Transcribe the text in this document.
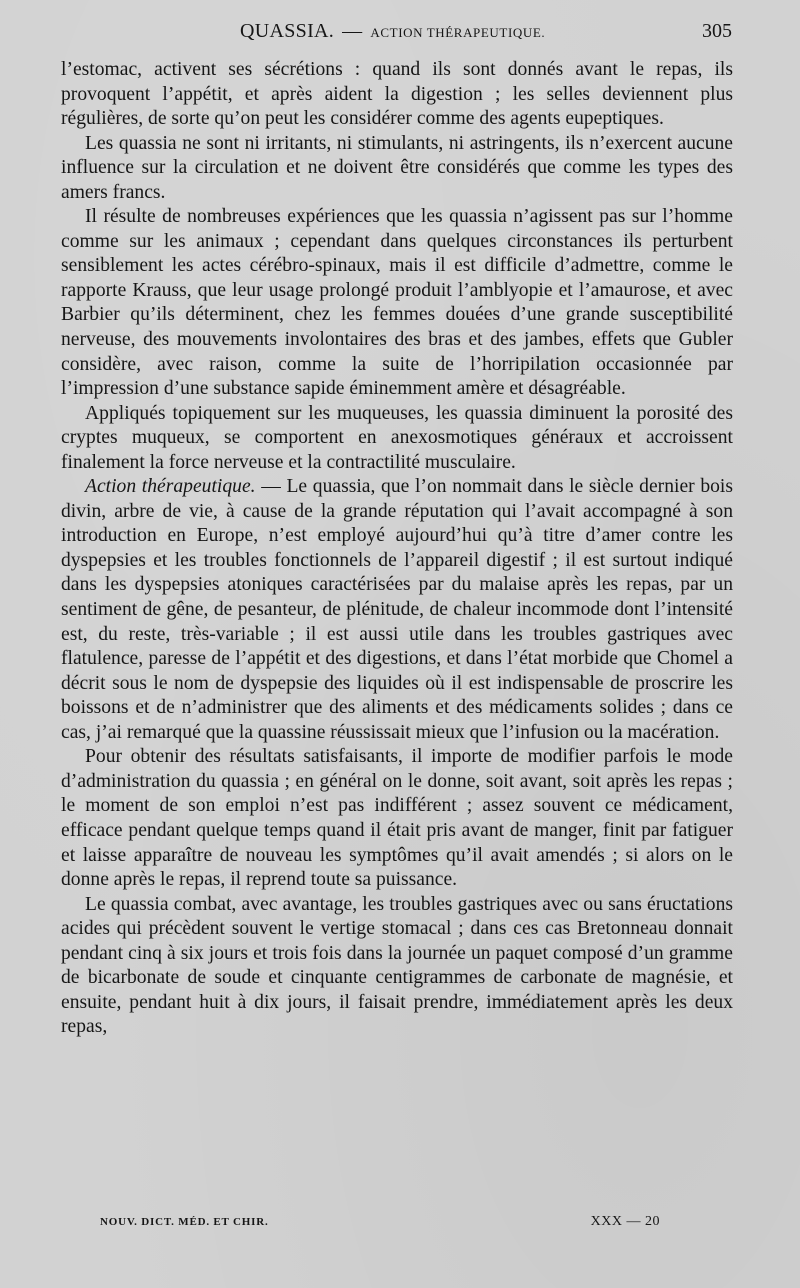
QUASSIA. — ACTION THÉRAPEUTIQUE.	305

l’estomac, activent ses sécrétions : quand ils sont donnés avant le repas, ils provoquent l’appétit, et après aident la digestion ; les selles deviennent plus régulières, de sorte qu’on peut les considérer comme des agents eupeptiques.

Les quassia ne sont ni irritants, ni stimulants, ni astringents, ils n’exercent aucune influence sur la circulation et ne doivent être considérés que comme les types des amers francs.

Il résulte de nombreuses expériences que les quassia n’agissent pas sur l’homme comme sur les animaux ; cependant dans quelques circonstances ils perturbent sensiblement les actes cérébro-spinaux, mais il est difficile d’admettre, comme le rapporte Krauss, que leur usage prolongé produit l’amblyopie et l’amaurose, et avec Barbier qu’ils déterminent, chez les femmes douées d’une grande susceptibilité nerveuse, des mouvements involontaires des bras et des jambes, effets que Gubler considère, avec raison, comme la suite de l’horripilation occasionnée par l’impression d’une substance sapide éminemment amère et désagréable.

Appliqués topiquement sur les muqueuses, les quassia diminuent la porosité des cryptes muqueux, se comportent en anexosmotiques généraux et accroissent finalement la force nerveuse et la contractilité musculaire.

Action thérapeutique. — Le quassia, que l’on nommait dans le siècle dernier bois divin, arbre de vie, à cause de la grande réputation qui l’avait accompagné à son introduction en Europe, n’est employé aujourd’hui qu’à titre d’amer contre les dyspepsies et les troubles fonctionnels de l’appareil digestif ; il est surtout indiqué dans les dyspepsies atoniques caractérisées par du malaise après les repas, par un sentiment de gêne, de pesanteur, de plénitude, de chaleur incommode dont l’intensité est, du reste, très-variable ; il est aussi utile dans les troubles gastriques avec flatulence, paresse de l’appétit et des digestions, et dans l’état morbide que Chomel a décrit sous le nom de dyspepsie des liquides où il est indispensable de proscrire les boissons et de n’administrer que des aliments et des médicaments solides ; dans ce cas, j’ai remarqué que la quassine réussissait mieux que l’infusion ou la macération.

Pour obtenir des résultats satisfaisants, il importe de modifier parfois le mode d’administration du quassia ; en général on le donne, soit avant, soit après les repas ; le moment de son emploi n’est pas indifférent ; assez souvent ce médicament, efficace pendant quelque temps quand il était pris avant de manger, finit par fatiguer et laisse apparaître de nouveau les symptômes qu’il avait amendés ; si alors on le donne après le repas, il reprend toute sa puissance.

Le quassia combat, avec avantage, les troubles gastriques avec ou sans éructations acides qui précèdent souvent le vertige stomacal ; dans ces cas Bretonneau donnait pendant cinq à six jours et trois fois dans la journée un paquet composé d’un gramme de bicarbonate de soude et cinquante centigrammes de carbonate de magnésie, et ensuite, pendant huit à dix jours, il faisait prendre, immédiatement après les deux repas,

NOUV. DICT. MÉD. ET CHIR.	XXX — 20
